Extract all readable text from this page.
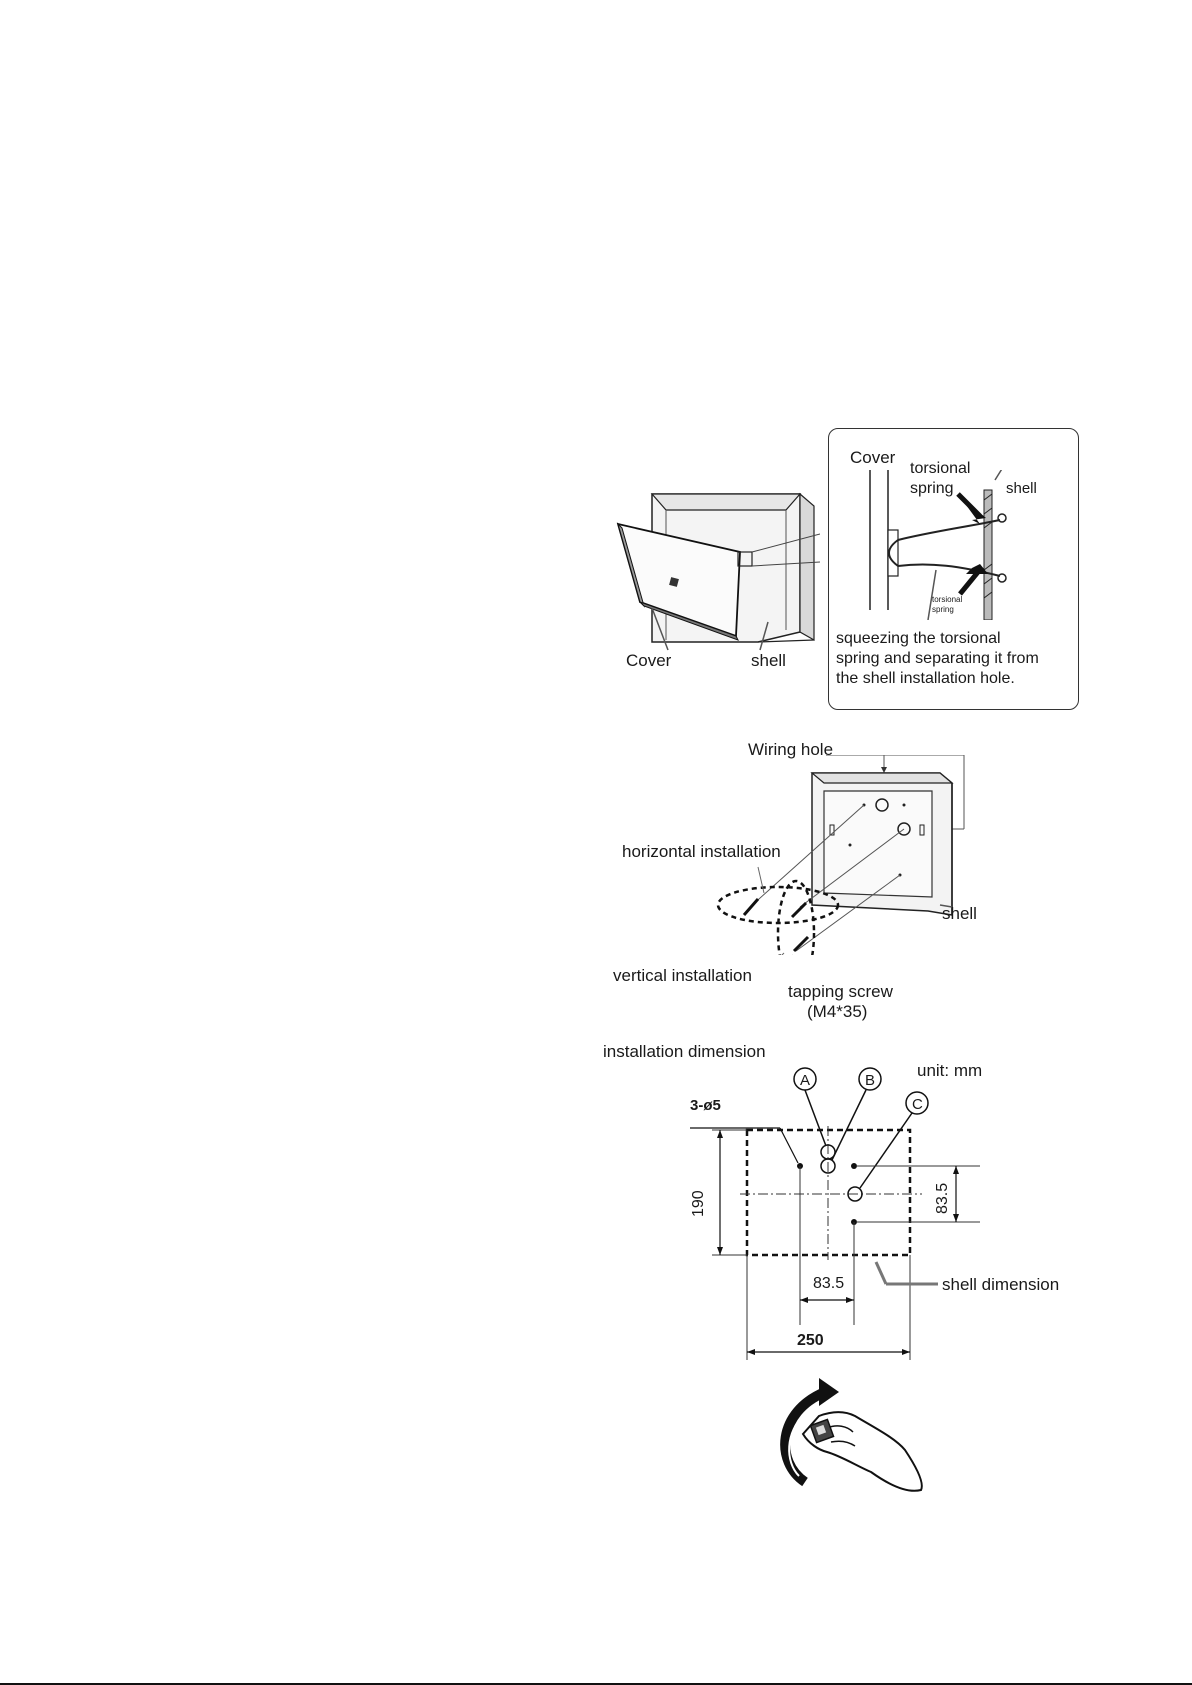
Cover	shell
Cover
torsional
spring	shell
torsional
spring
squeezing the torsional
spring and separating it from
the shell installation hole.
Wiring hole
horizontal installation
shell
vertical installation
tapping screw
(M4*35)
installation dimension
unit: mm
A	B
C
3-ø5
190	83.5
83.5
250
shell dimension
